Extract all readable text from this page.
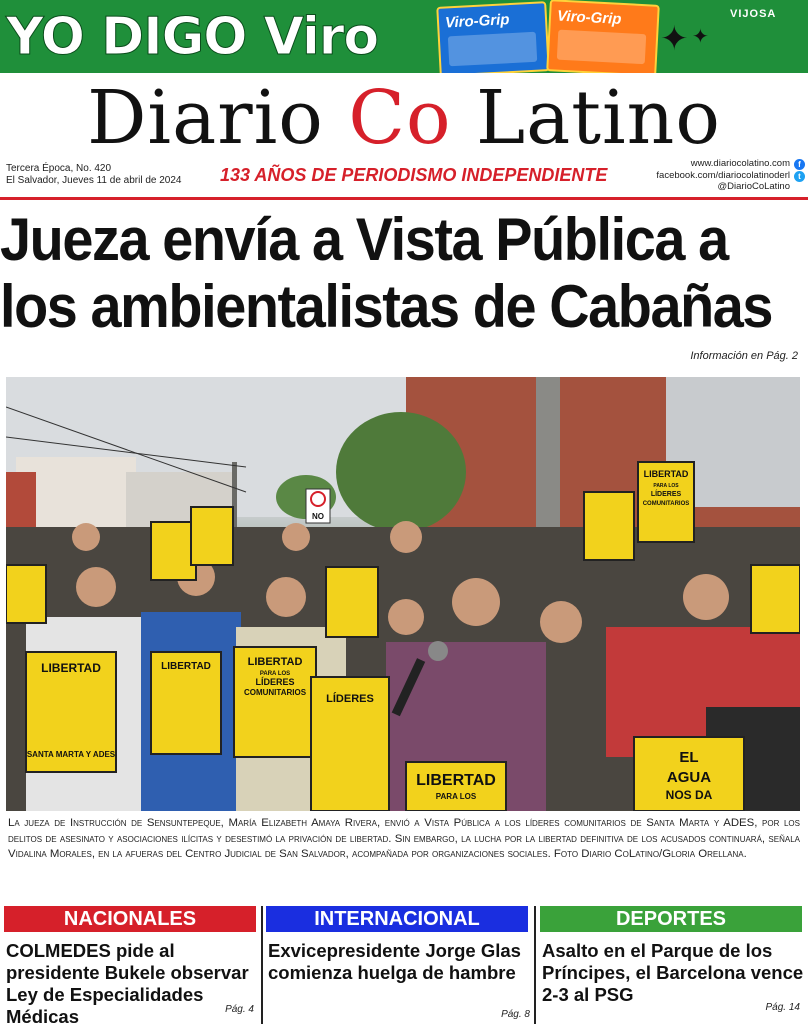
YO DIGO Viro	Viro-Grip	Viro-Grip
✦ ✦
VIJOSA
Diario Co Latino
Tercera Época, No. 420
El Salvador, Jueves 11 de abril de 2024 133 AÑOS DE PERIODISMO INDEPENDIENTE
www.diariocolatino.com
facebook.com/diariocolatinoderl
@DiarioCoLatino
f
t
Jueza envía a Vista Pública a
los ambientalistas de Cabañas
Información en Pág. 2
LIBERTAD
SANTA MARTA Y ADES
LIBERTAD	LIBERTAD
PARA LOS
LÍDERES
COMUNITARIOS
LÍDERES
LIBERTAD
PARA LOS
EL
AGUA
NOS DA
LIBERTAD
PARA LOS
LÍDERES
COMUNITARIOS
NO
La jueza de Instrucción de Sensuntepeque, María Elizabeth Amaya Rivera, envió a Vista Pública a los líderes comunitarios de Santa Marta y ADES, por los delitos de asesinato y asociaciones ilícitas y desestimó la privación de libertad. Sin embargo, la lucha por la libertad definitiva de los acusados continuará, señala Vidalina Morales, en la afueras del Centro Judicial de San Salvador, acompañada por organizaciones sociales. Foto Diario CoLatino/Gloria Orellana.
NACIONALES	INTERNACIONAL	DEPORTES
COLMEDES pide al presidente Bukele observar Ley de Especialidades Médicas	Pág. 4
Exvicepresidente Jorge Glas comienza huelga de hambre
Pág. 8
Asalto en el Parque de los Príncipes, el Barcelona vence 2-3 al PSG
Pág. 14
